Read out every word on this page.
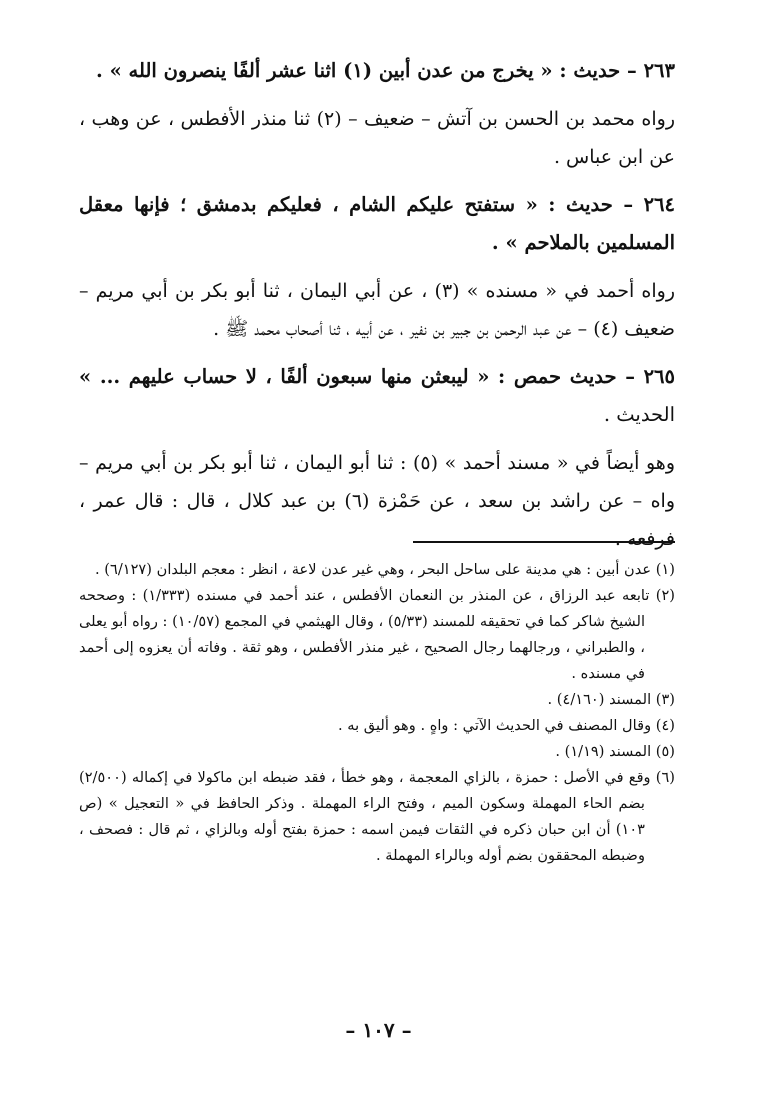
٢٦٣ – حديث : « يخرج من عدن أبين (١) اثنا عشر ألفًا ينصرون الله » .

رواه محمد بن الحسن بن آتش – ضعيف – (٢) ثنا منذر الأفطس ، عن وهب ، عن ابن عباس .

٢٦٤ – حديث : « ستفتح عليكم الشام ، فعليكم بدمشق ؛ فإنها معقل المسلمين بالملاحم » .

رواه أحمد في « مسنده » (٣) ، عن أبي اليمان ، ثنا أبو بكر بن أبي مريم – ضعيف (٤) – عن عبد الرحمن بن جبير بن نفير ، عن أبيه ، ثنا أصحاب محمد ﷺ .

٢٦٥ – حديث حمص : « ليبعثن منها سبعون ألفًا ، لا حساب عليهم ... » الحديث .

وهو أيضاً في « مسند أحمد » (٥) : ثنا أبو اليمان ، ثنا أبو بكر بن أبي مريم – واه – عن راشد بن سعد ، عن حَمْزة (٦) بن عبد كلال ، قال : قال عمر ، فرفعه .

(١) عدن أبين : هي مدينة على ساحل البحر ، وهي غير عدن لاعة ، انظر : معجم البلدان (٦/١٢٧) .

(٢) تابعه عبد الرزاق ، عن المنذر بن النعمان الأفطس ، عند أحمد في مسنده (١/٣٣٣) : وصححه الشيخ شاكر كما في تحقيقه للمسند (٥/٣٣) ، وقال الهيثمي في المجمع (١٠/٥٧) : رواه أبو يعلى ، والطبراني ، ورجالهما رجال الصحيح ، غير منذر الأفطس ، وهو ثقة . وفاته أن يعزوه إلى أحمد في مسنده .

(٣) المسند (٤/١٦٠) .

(٤) وقال المصنف في الحديث الآتي : واهٍ . وهو أليق به .

(٥) المسند (١/١٩) .

(٦) وقع في الأصل : حمزة ، بالزاي المعجمة ، وهو خطأ ، فقد ضبطه ابن ماكولا في إكماله (٢/٥٠٠) بضم الحاء المهملة وسكون الميم ، وفتح الراء المهملة . وذكر الحافظ في « التعجيل » (ص ١٠٣) أن ابن حبان ذكره في الثقات فيمن اسمه : حمزة بفتح أوله وبالزاي ، ثم قال : فصحف ، وضبطه المحققون بضم أوله وبالراء المهملة .

– ١٠٧ –
